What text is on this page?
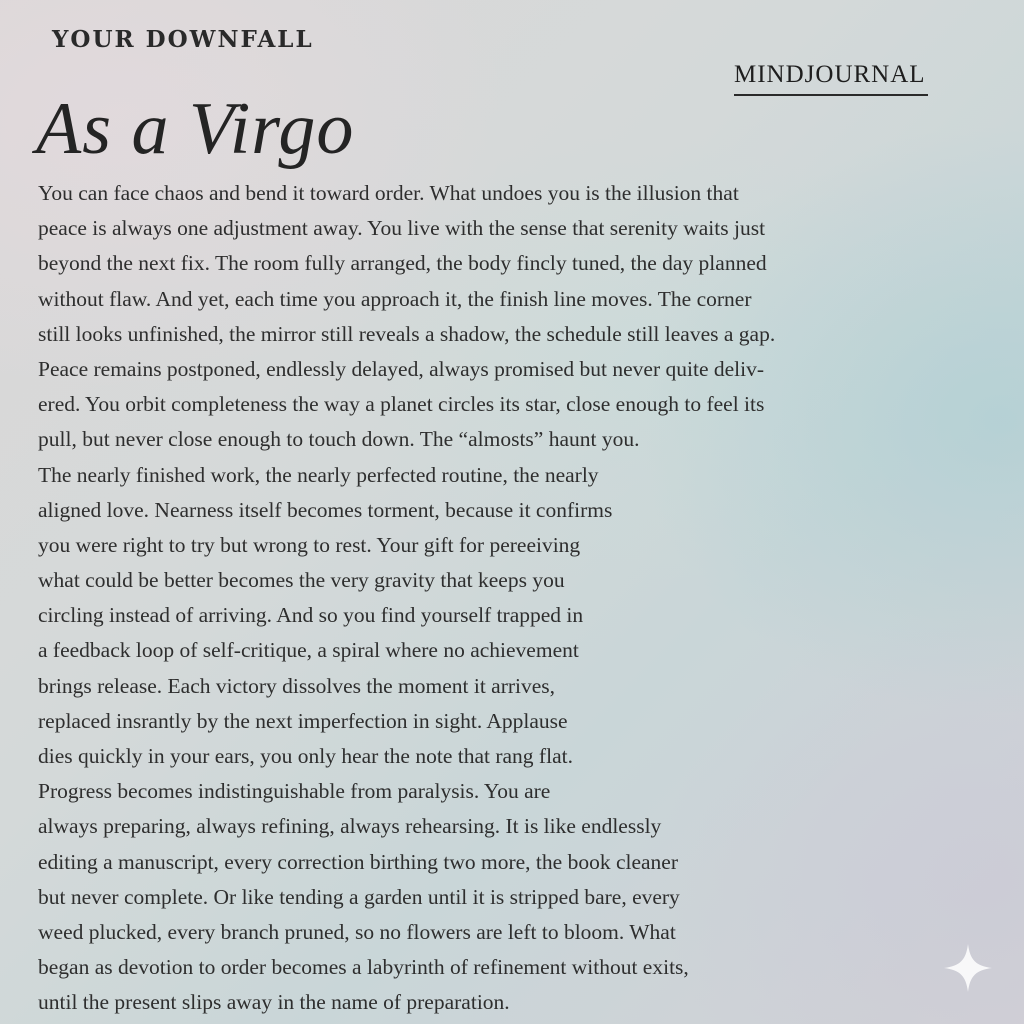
YOUR DOWNFALL
MINDJOURNAL
As a Virgo
You can face chaos and bend it toward order. What undoes you is the illusion that
peace is always one adjustment away. You live with the sense that serenity waits just
beyond the next fix. The room fully arranged, the body fincly tuned, the day planned
without flaw. And yet, each time you approach it, the finish line moves. The corner
still looks unfinished, the mirror still reveals a shadow, the schedule still leaves a gap.
Peace remains postponed, endlessly delayed, always promised but never quite deliv-
ered. You orbit completeness the way a planet circles its star, close enough to feel its
pull, but never close enough to touch down. The “almosts” haunt you.
The nearly finished work, the nearly perfected routine, the nearly
aligned love. Nearness itself becomes torment, because it confirms
you were right to try but wrong to rest. Your gift for pereeiving
what could be better becomes the very gravity that keeps you
circling instead of arriving. And so you find yourself trapped in
a feedback loop of self-critique, a spiral where no achievement
brings release. Each victory dissolves the moment it arrives,
replaced insrantly by the next imperfection in sight. Applause
dies quickly in your ears, you only hear the note that rang flat.
Progress becomes indistinguishable from paralysis. You are
always preparing, always refining, always rehearsing. It is like endlessly
editing a manuscript, every correction birthing two more, the book cleaner
but never complete. Or like tending a garden until it is stripped bare, every
weed plucked, every branch pruned, so no flowers are left to bloom. What
began as devotion to order becomes a labyrinth of refinement without exits,
until the present slips away in the name of preparation.
